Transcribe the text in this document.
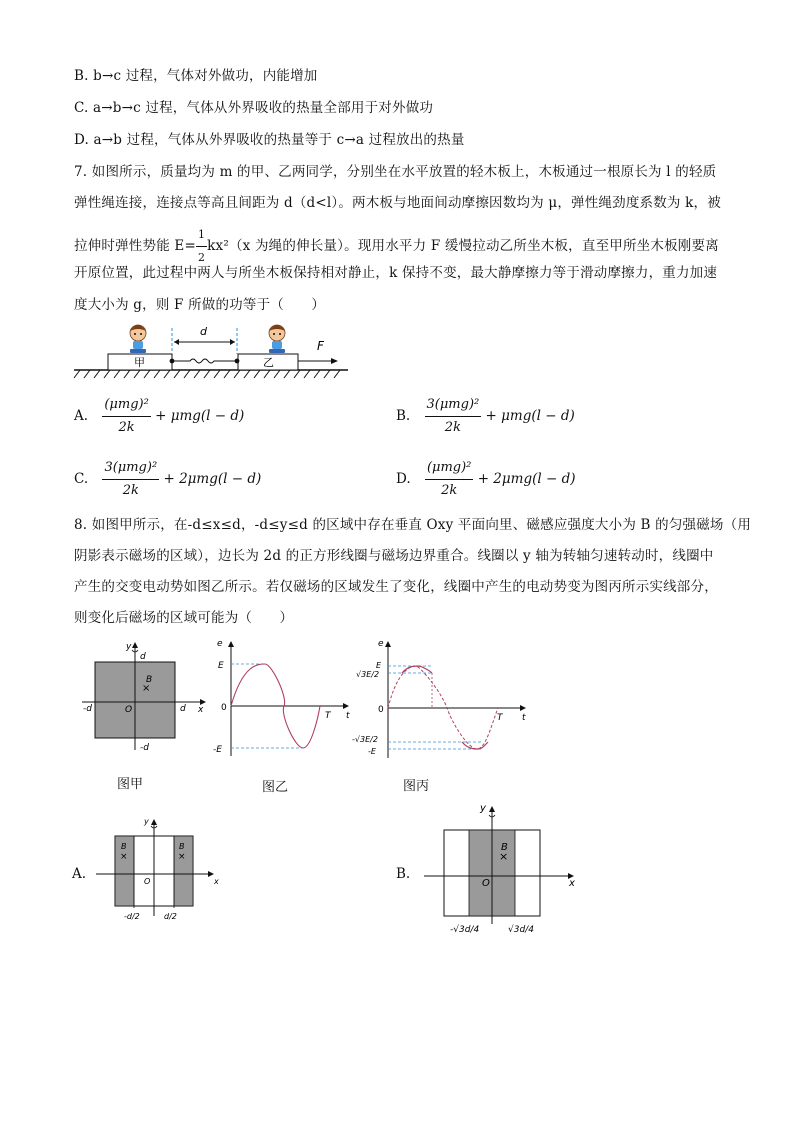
B. b→c 过程，气体对外做功，内能增加
C. a→b→c 过程，气体从外界吸收的热量全部用于对外做功
D. a→b 过程，气体从外界吸收的热量等于 c→a 过程放出的热量
7. 如图所示，质量均为 m 的甲、乙两同学，分别坐在水平放置的轻木板上，木板通过一根原长为 l 的轻质
弹性绳连接，连接点等高且间距为 d（d<l）。两木板与地面间动摩擦因数均为 μ，弹性绳劲度系数为 k，被
拉伸时弹性势能 $E= \frac{1}{2} kx^2(x$ 为绳的伸长量）。现用水平力 F 缓慢拉动乙所坐木板，直至甲所坐木板刚要离
开原位置，此过程中两人与所坐木板保持相对静止，k 保持不变，最大静摩擦力等于滑动摩擦力，重力加速
度大小为 g，则 F 所做的功等于（　　）
甲	乙
d
F
A. $\frac{\text{(μmg)²}}{2k} + \mu mg(l - d)$	B. $\frac{\text{3(μmg)²}}{2k} + \mu mg(l - d)$
C. $\frac{\text{3(μmg)²}}{2k} + 2\mu mg(l - d)$	D. $\frac{\text{(μmg)²}}{2k} + 2\mu mg(l - d)$
8. 如图甲所示，在-d≤x≤d，-d≤y≤d 的区域中存在垂直 Oxy 平面向里、磁感应强度大小为 B 的匀强磁场（用
阴影表示磁场的区域），边长为 2d 的正方形线圈与磁场边界重合。线圈以 y 轴为转轴匀速转动时，线圈中
产生的交变电动势如图乙所示。若仅磁场的区域发生了变化，线圈中产生的电动势变为图丙所示实线部分，
则变化后磁场的区域可能为（　　）
x
y
d
-d	d
-d
O
B
×
图甲
e
E
0
-E
T t
图乙
e
E
√3E/2
0
-√3E/2
-E
T t
图丙
A.	x
y
O
B
×
B
×
-d/2	d/2
B.
x
y
O
B
×
-√3d/4	√3d/4
